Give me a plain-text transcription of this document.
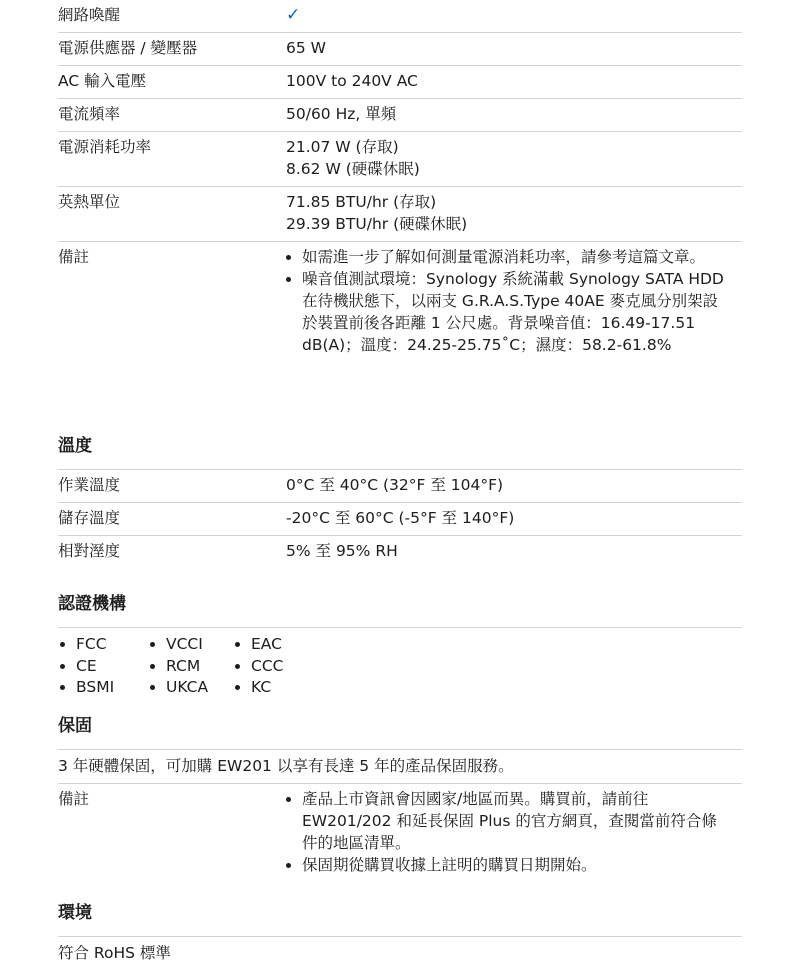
網路喚醒	✓
電源供應器 / 變壓器	65 W
AC 輸入電壓	100V to 240V AC
電流頻率	50/60 Hz, 單頻
電源消耗功率	21.07 W (存取)
8.62 W (硬碟休眠)
英熱單位	71.85 BTU/hr (存取)
29.39 BTU/hr (硬碟休眠)
備註	• 如需進一步了解如何測量電源消耗功率，請參考這篇文章。
• 噪音值測試環境：Synology 系統滿載 Synology SATA HDD 在待機狀態下，以兩支 G.R.A.S.Type 40AE 麥克風分別架設於裝置前後各距離 1 公尺處。背景噪音值：16.49-17.51 dB(A)；溫度：24.25-25.75˚C；濕度：58.2-61.8%
溫度
作業溫度	0°C 至 40°C (32°F 至 104°F)
儲存溫度	-20°C 至 60°C (-5°F 至 140°F)
相對溼度	5% 至 95% RH
認證機構
• FCC
• CE
• BSMI
• VCCI
• RCM
• UKCA
• EAC
• CCC
• KC
保固
3 年硬體保固，可加購 EW201 以享有長達 5 年的產品保固服務。
備註	• 產品上市資訊會因國家/地區而異。購買前，請前往 EW201/202 和延長保固 Plus 的官方網頁，查閱當前符合條件的地區清單。
• 保固期從購買收據上註明的購買日期開始。
環境
符合 RoHS 標準
